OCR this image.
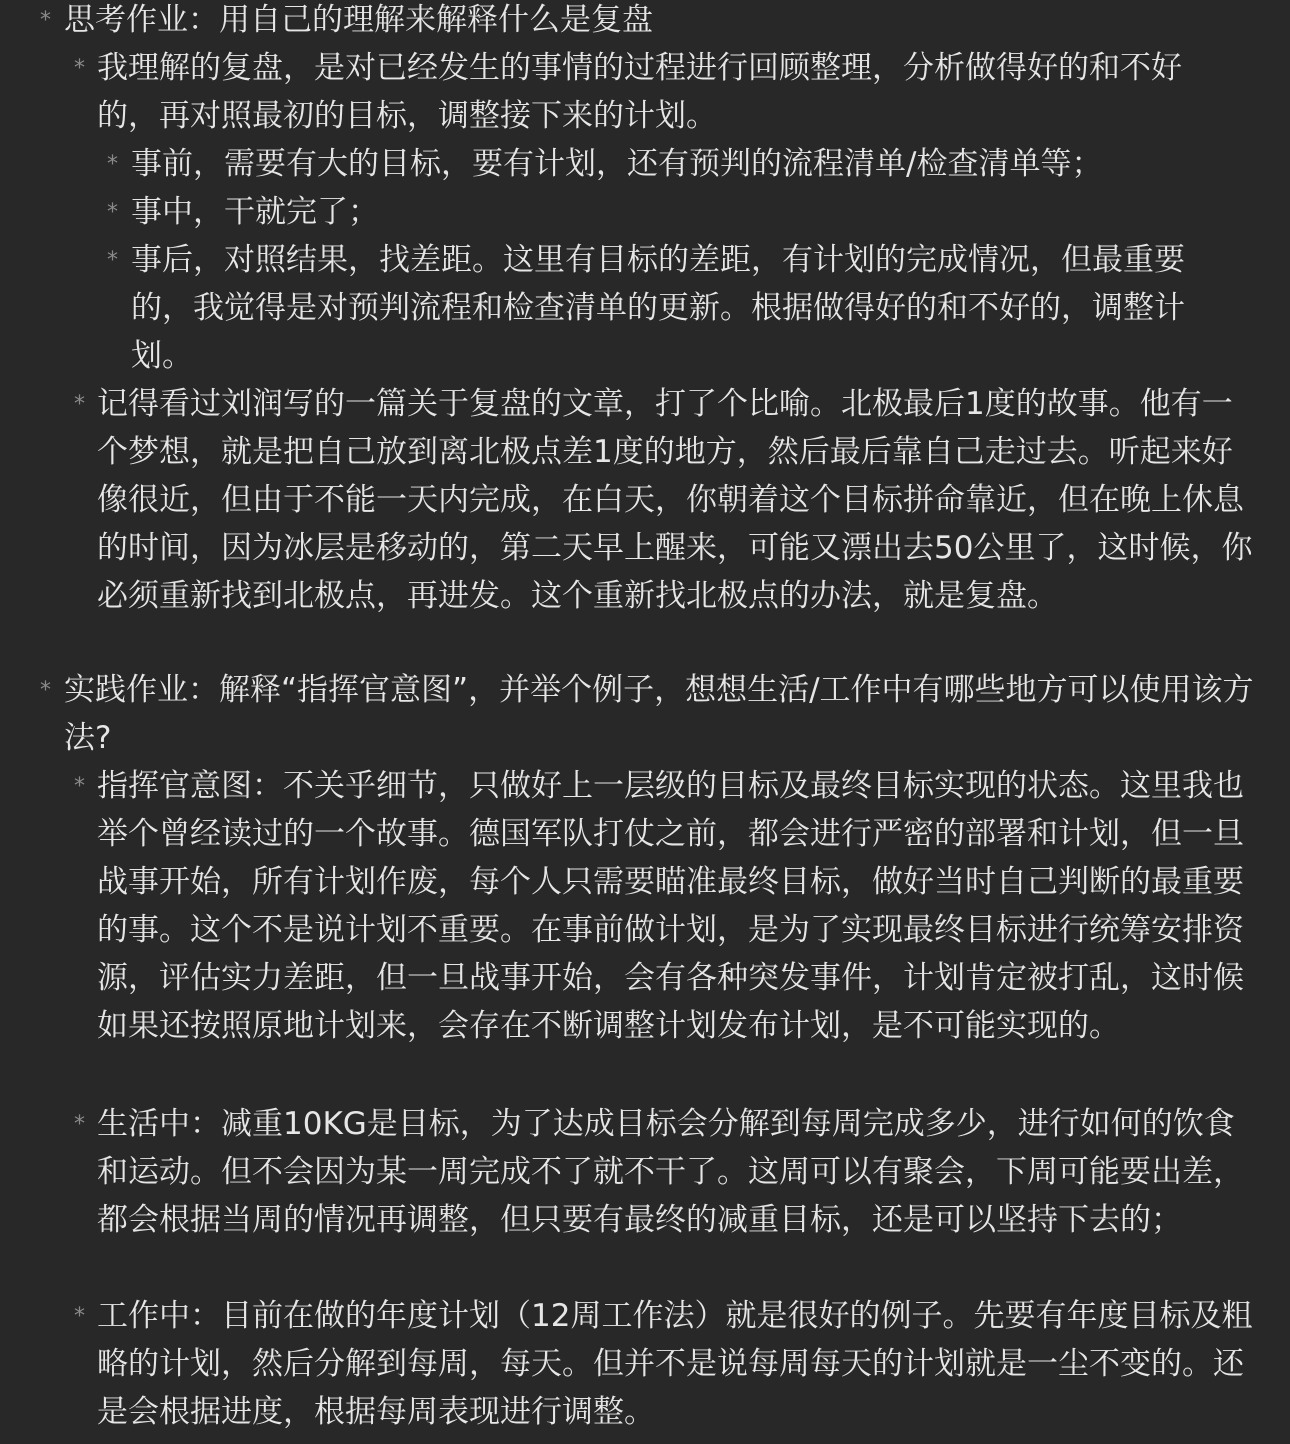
* 思考作业：用自己的理解来解释什么是复盘
* 我理解的复盘，是对已经发生的事情的过程进行回顾整理，分析做得好的和不好的，再对照最初的目标，调整接下来的计划。
* 事前，需要有大的目标，要有计划，还有预判的流程清单/检查清单等；
* 事中，干就完了；
* 事后，对照结果，找差距。这里有目标的差距，有计划的完成情况，但最重要的，我觉得是对预判流程和检查清单的更新。根据做得好的和不好的，调整计划。
* 记得看过刘润写的一篇关于复盘的文章，打了个比喻。北极最后1度的故事。他有一个梦想，就是把自己放到离北极点差1度的地方，然后最后靠自己走过去。听起来好像很近，但由于不能一天内完成，在白天，你朝着这个目标拼命靠近，但在晚上休息的时间，因为冰层是移动的，第二天早上醒来，可能又漂出去50公里了，这时候，你必须重新找到北极点，再进发。这个重新找北极点的办法，就是复盘。
* 实践作业：解释“指挥官意图”，并举个例子，想想生活/工作中有哪些地方可以使用该方法?
* 指挥官意图：不关乎细节，只做好上一层级的目标及最终目标实现的状态。这里我也举个曾经读过的一个故事。德国军队打仗之前，都会进行严密的部署和计划，但一旦战事开始，所有计划作废，每个人只需要瞄准最终目标，做好当时自己判断的最重要的事。这个不是说计划不重要。在事前做计划，是为了实现最终目标进行统筹安排资源，评估实力差距，但一旦战事开始，会有各种突发事件，计划肯定被打乱，这时候如果还按照原地计划来，会存在不断调整计划发布计划，是不可能实现的。
* 生活中：减重10KG是目标，为了达成目标会分解到每周完成多少，进行如何的饮食和运动。但不会因为某一周完成不了就不干了。这周可以有聚会，下周可能要出差，都会根据当周的情况再调整，但只要有最终的减重目标，还是可以坚持下去的；
* 工作中：目前在做的年度计划（12周工作法）就是很好的例子。先要有年度目标及粗略的计划，然后分解到每周，每天。但并不是说每周每天的计划就是一尘不变的。还是会根据进度，根据每周表现进行调整。
